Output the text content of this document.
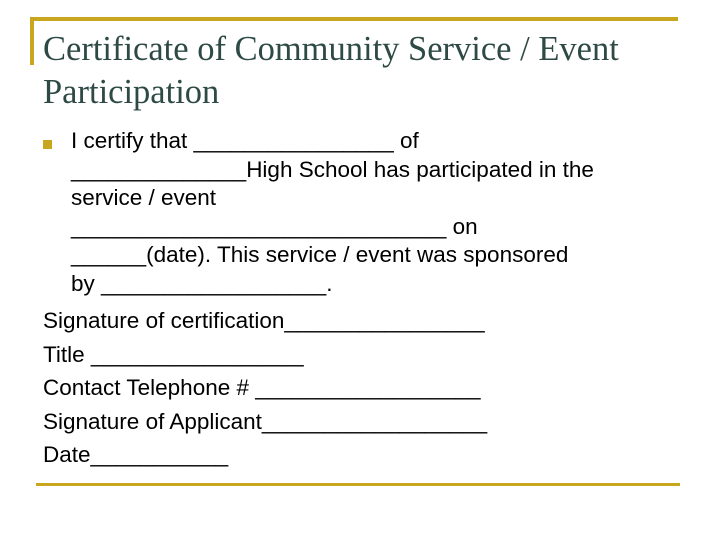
Certificate of Community Service / Event Participation
I certify that ________________ of
______________High School has participated in the
service / event
______________________________ on
______(date). This service / event was sponsored
by __________________.
Signature of certification________________
Title _________________
Contact Telephone # __________________
Signature of Applicant__________________
Date___________
